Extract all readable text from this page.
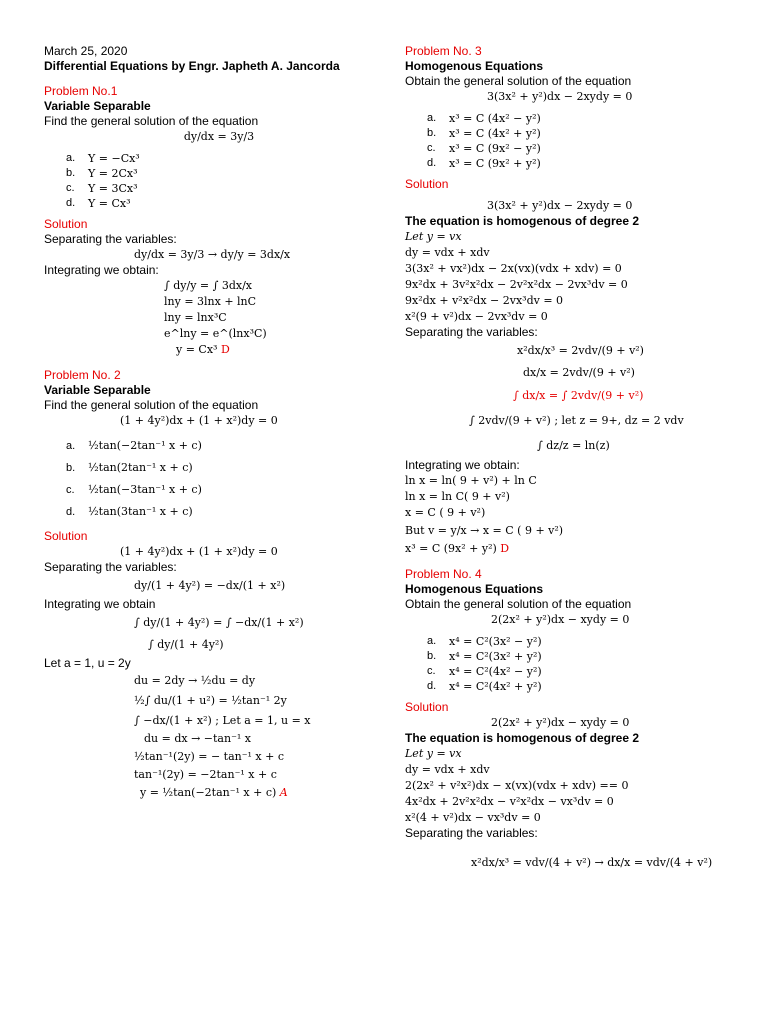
March 25, 2020
Differential Equations by Engr. Japheth A. Jancorda
Problem No.1
Variable Separable
Find the general solution of the equation
dy/dx = 3y/3
a.	Y = −Cx³
b.	Y = 2Cx³
c.	Y = 3Cx³
d.	Y = Cx³
Solution
Separating the variables:
dy/dx = 3y/3 → dy/y = 3dx/x
Integrating we obtain:
∫ dy/y = ∫ 3dx/x
lny = 3lnx + lnC
lny = lnx³C
e^lny = e^(lnx³C)
y = Cx³ D
Problem No. 2
Variable Separable
Find the general solution of the equation
(1 + 4y²)dx + (1 + x²)dy = 0
a.	½tan(−2tan⁻¹ x + c)
b.	½tan(2tan⁻¹ x + c)
c.	½tan(−3tan⁻¹ x + c)
d.	½tan(3tan⁻¹ x + c)
Solution
(1 + 4y²)dx + (1 + x²)dy = 0
Separating the variables:
dy/(1 + 4y²) = −dx/(1 + x²)
Integrating we obtain
∫ dy/(1 + 4y²) = ∫ −dx/(1 + x²)
∫ dy/(1 + 4y²)
Let a = 1, u = 2y
du = 2dy → ½du = dy
½∫ du/(1 + u²) = ½tan⁻¹ 2y
∫ −dx/(1 + x²) ; Let a = 1, u = x
du = dx → −tan⁻¹ x
½tan⁻¹(2y) = − tan⁻¹ x + c
tan⁻¹(2y) = −2tan⁻¹ x + c
y = ½tan(−2tan⁻¹ x + c) A
Problem No. 3
Homogenous Equations
Obtain the general solution of the equation
3(3x² + y²)dx − 2xydy = 0
a.	x³ = C (4x² − y²)
b.	x³ = C (4x² + y²)
c.	x³ = C (9x² − y²)
d.	x³ = C (9x² + y²)
Solution
3(3x² + y²)dx − 2xydy = 0
The equation is homogenous of degree 2
Let y = vx
dy = vdx + xdv
3(3x² + vx²)dx − 2x(vx)(vdx + xdv) = 0
9x²dx + 3v²x²dx − 2v²x²dx − 2vx³dv = 0
9x²dx + v²x²dx − 2vx³dv = 0
x²(9 + v²)dx − 2vx³dv = 0
Separating the variables:
x²dx/x³ = 2vdv/(9 + v²)
dx/x = 2vdv/(9 + v²)
∫ dx/x = ∫ 2vdv/(9 + v²)
∫ 2vdv/(9 + v²) ; let z = 9+, dz = 2 vdv
∫ dz/z = ln(z)
Integrating we obtain:
ln x = ln( 9 + v²) + ln C
ln x = ln C( 9 + v²)
x = C ( 9 + v²)
But v = y/x → x = C ( 9 + v²)
x³ = C (9x² + y²) D
Problem No. 4
Homogenous Equations
Obtain the general solution of the equation
2(2x² + y²)dx − xydy = 0
a.	x⁴ = C²(3x² − y²)
b.	x⁴ = C²(3x² + y²)
c.	x⁴ = C²(4x² − y²)
d.	x⁴ = C²(4x² + y²)
Solution
2(2x² + y²)dx − xydy = 0
The equation is homogenous of degree 2
Let y = vx
dy = vdx + xdv
2(2x² + v²x²)dx − x(vx)(vdx + xdv) == 0
4x²dx + 2v²x²dx − v²x²dx − vx³dv = 0
x²(4 + v²)dx − vx³dv = 0
Separating the variables:
x²dx/x³ = vdv/(4 + v²) → dx/x = vdv/(4 + v²)
